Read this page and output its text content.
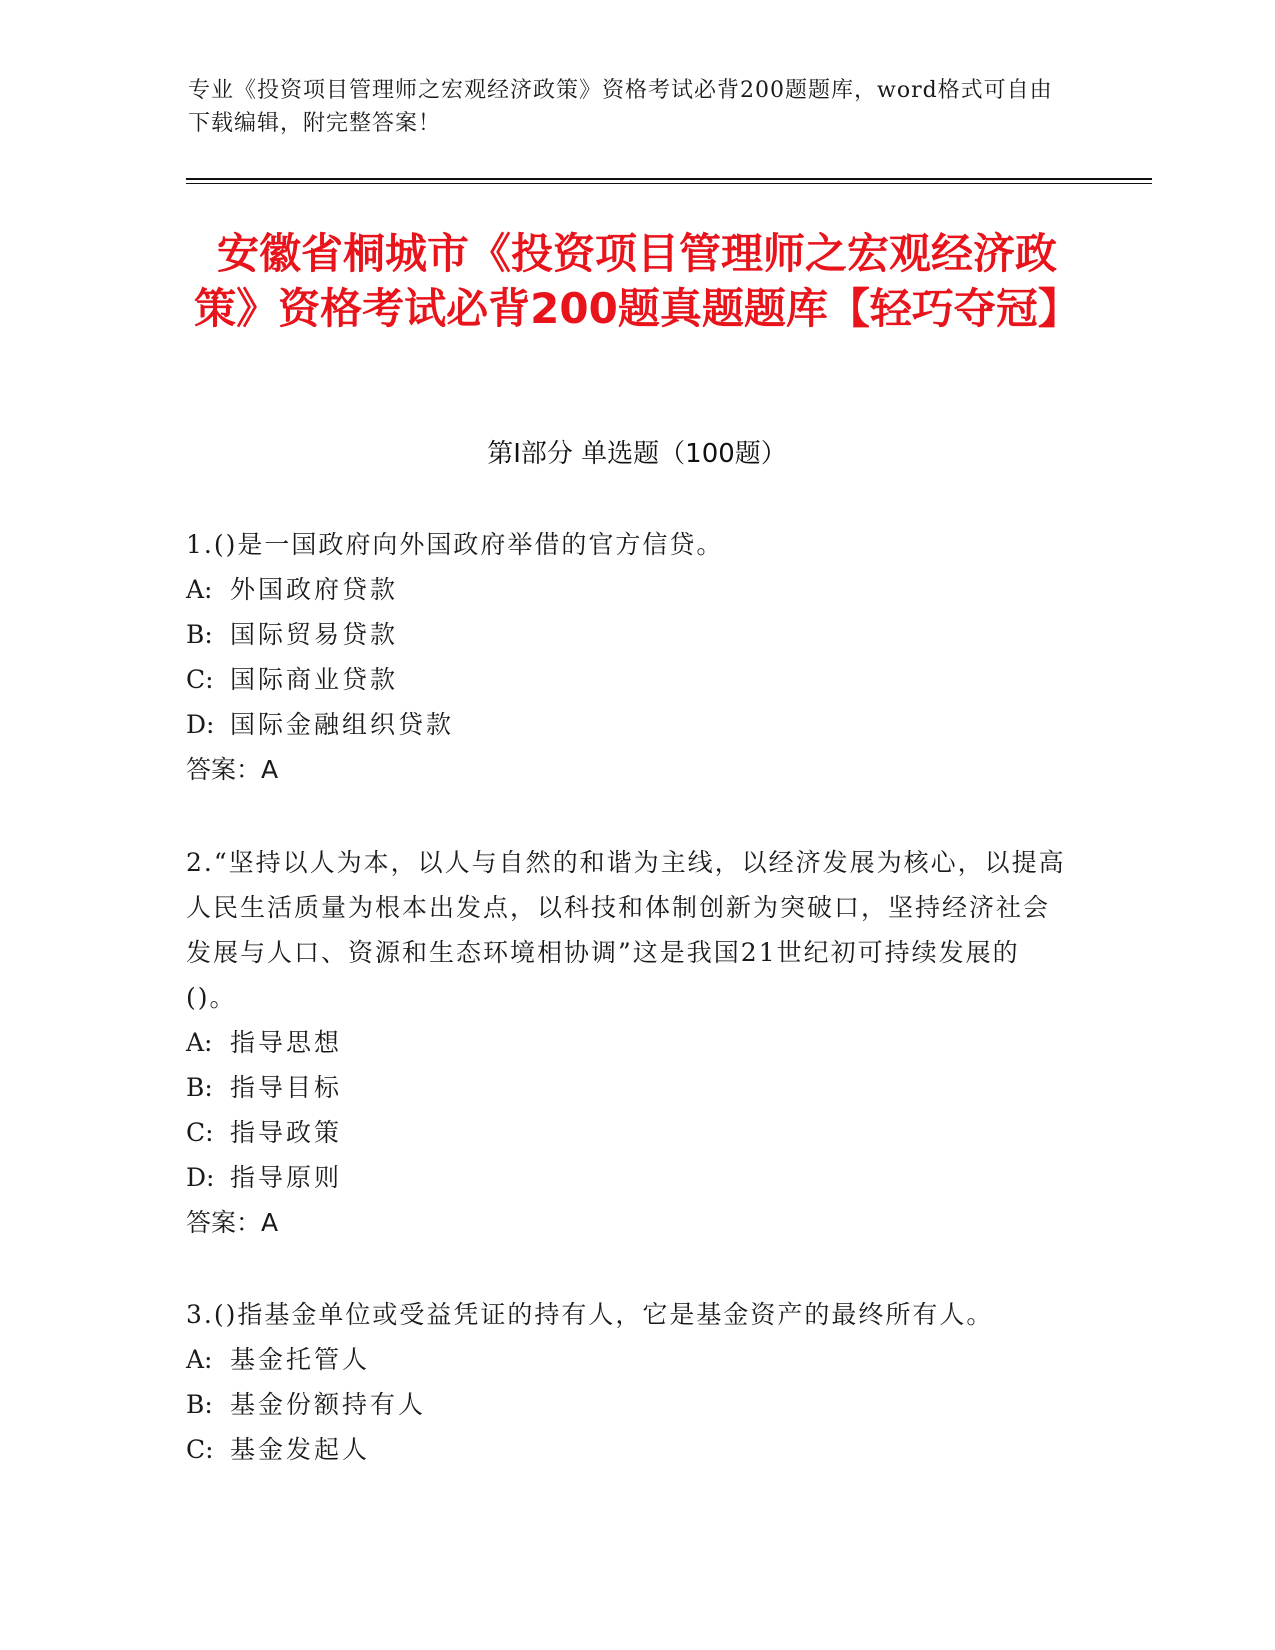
专业《投资项目管理师之宏观经济政策》资格考试必背200题题库，word格式可自由下载编辑，附完整答案！
安徽省桐城市《投资项目管理师之宏观经济政策》资格考试必背200题真题题库【轻巧夺冠】
第I部分 单选题（100题）

1.()是一国政府向外国政府举借的官方信贷。

A: 外国政府贷款

B: 国际贸易贷款

C: 国际商业贷款

D: 国际金融组织贷款

答案：A

2.“坚持以人为本，以人与自然的和谐为主线，以经济发展为核心，以提高人民生活质量为根本出发点，以科技和体制创新为突破口，坚持经济社会发展与人口、资源和生态环境相协调”这是我国21世纪初可持续发展的()。

A: 指导思想

B: 指导目标

C: 指导政策

D: 指导原则

答案：A

3.()指基金单位或受益凭证的持有人，它是基金资产的最终所有人。

A: 基金托管人

B: 基金份额持有人

C: 基金发起人
